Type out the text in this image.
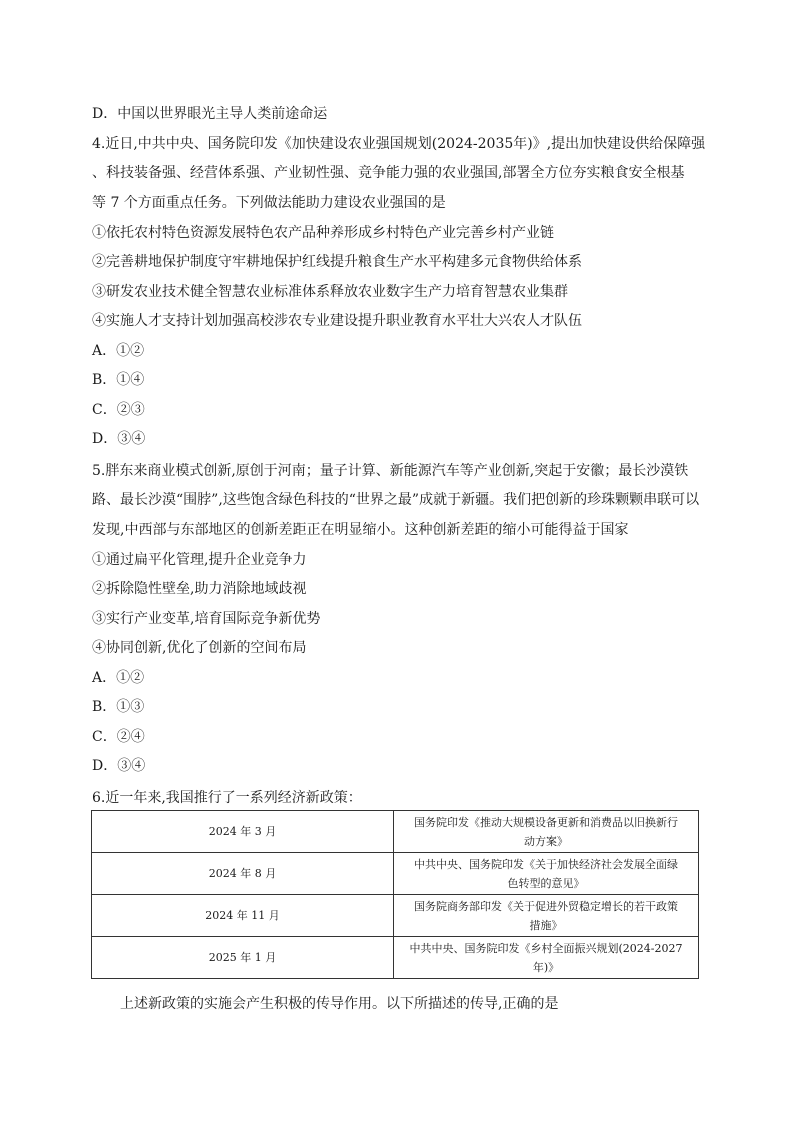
D．中国以世界眼光主导人类前途命运
4.近日,中共中央、国务院印发《加快建设农业强国规划(2024-2035年)》,提出加快建设供给保障强
、科技装备强、经营体系强、产业韧性强、竞争能力强的农业强国,部署全方位夯实粮食安全根基
等 7 个方面重点任务。下列做法能助力建设农业强国的是
①依托农村特色资源发展特色农产品种养形成乡村特色产业完善乡村产业链
②完善耕地保护制度守牢耕地保护红线提升粮食生产水平构建多元食物供给体系
③研发农业技术健全智慧农业标准体系释放农业数字生产力培育智慧农业集群
④实施人才支持计划加强高校涉农专业建设提升职业教育水平壮大兴农人才队伍
A．①②
B．①④
C．②③
D．③④
5.胖东来商业模式创新,原创于河南；量子计算、新能源汽车等产业创新,突起于安徽；最长沙漠铁
路、最长沙漠“围脖”,这些饱含绿色科技的“世界之最”成就于新疆。我们把创新的珍珠颗颗串联可以
发现,中西部与东部地区的创新差距正在明显缩小。这种创新差距的缩小可能得益于国家
①通过扁平化管理,提升企业竞争力
②拆除隐性壁垒,助力消除地域歧视
③实行产业变革,培育国际竞争新优势
④协同创新,优化了创新的空间布局
A．①②
B．①③
C．②④
D．③④
6.近一年来,我国推行了一系列经济新政策：
2024 年 3 月	国务院印发《推动大规模设备更新和消费品以旧换新行
动方案》
2024 年 8 月	中共中央、国务院印发《关于加快经济社会发展全面绿
色转型的意见》
2024 年 11 月	国务院商务部印发《关于促进外贸稳定增长的若干政策
措施》
2025 年 1 月	中共中央、国务院印发《乡村全面振兴规划(2024-2027
年)》
上述新政策的实施会产生积极的传导作用。以下所描述的传导,正确的是
